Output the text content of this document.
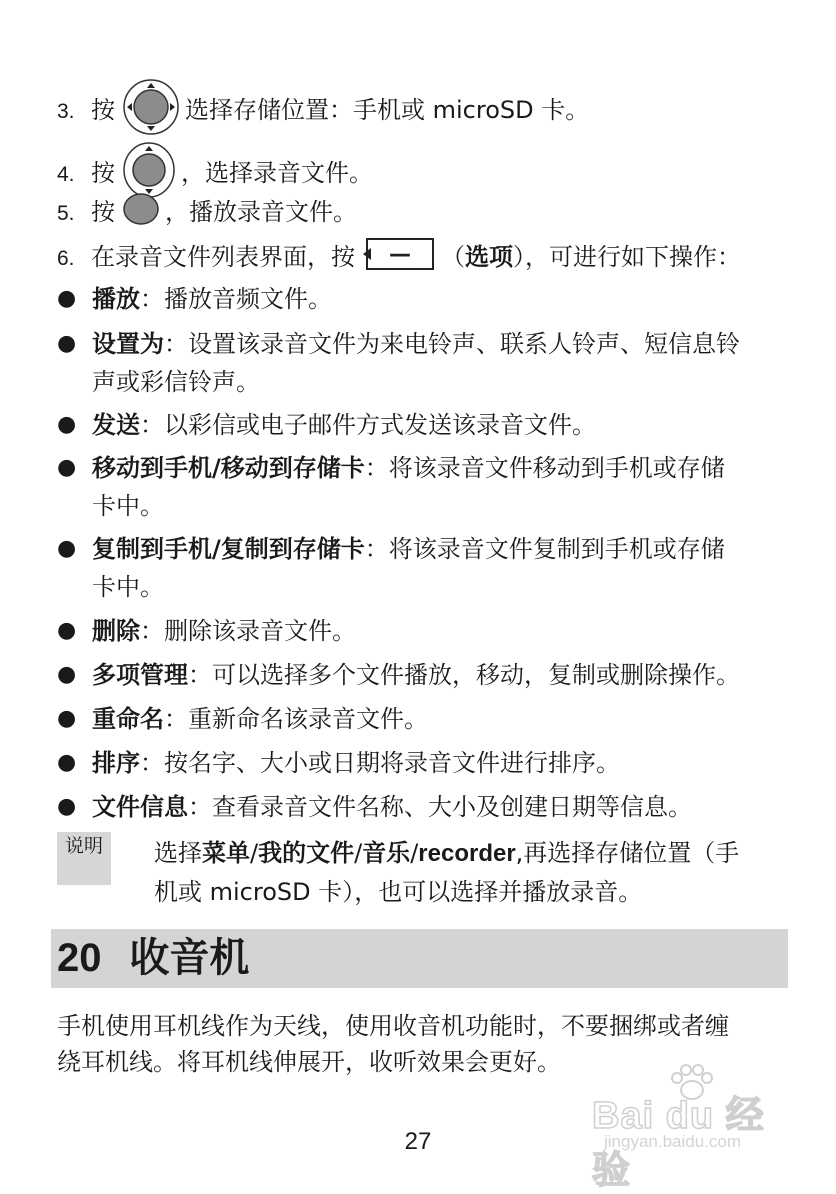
3. 按	选择存储位置：手机或 microSD 卡。
4. 按	，选择录音文件。
5. 按 ，播放录音文件。
6. 在录音文件列表界面，按 — （选项），可进行如下操作：
● 播放：播放音频文件。
● 设置为：设置该录音文件为来电铃声、联系人铃声、短信息铃
声或彩信铃声。
● 发送：以彩信或电子邮件方式发送该录音文件。
● 移动到手机/移动到存储卡：将该录音文件移动到手机或存储
卡中。
● 复制到手机/复制到存储卡：将该录音文件复制到手机或存储
卡中。
● 删除：删除该录音文件。
● 多项管理：可以选择多个文件播放，移动，复制或删除操作。
● 重命名：重新命名该录音文件。
● 排序：按名字、大小或日期将录音文件进行排序。
● 文件信息：查看录音文件名称、大小及创建日期等信息。
说明	选择菜单/我的文件/音乐/recorder,再选择存储位置（手
机或 microSD 卡），也可以选择并播放录音。
20 收音机
手机使用耳机线作为天线，使用收音机功能时，不要捆绑或者缠
绕耳机线。将耳机线伸展开，收听效果会更好。
Bai du 经验
jingyan.baidu.com
27
